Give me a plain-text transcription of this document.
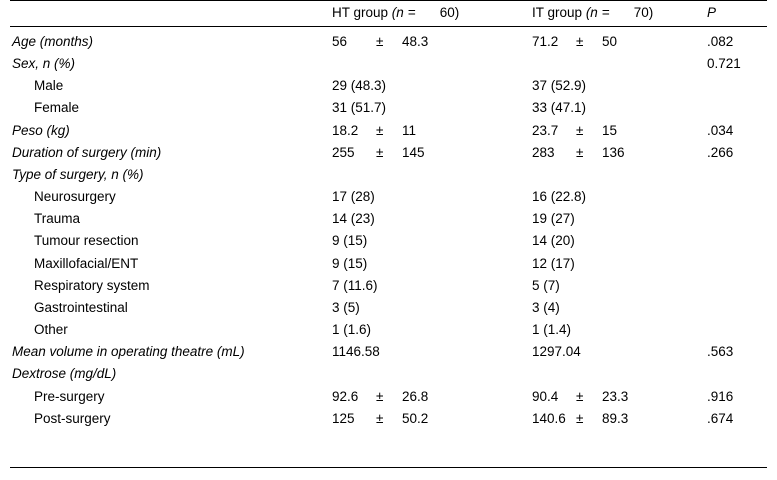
	HT group (n = 60)	IT group (n = 70)	P
Age (months)	56 ± 48.3	71.2 ± 50	.082
Sex, n (%)			0.721
Male	29 (48.3)	37 (52.9)	
Female	31 (51.7)	33 (47.1)	
Peso (kg)	18.2 ± 11	23.7 ± 15	.034
Duration of surgery (min)	255 ± 145	283 ± 136	.266
Type of surgery, n (%)			
Neurosurgery	17 (28)	16 (22.8)	
Trauma	14 (23)	19 (27)	
Tumour resection	9 (15)	14 (20)	
Maxillofacial/ENT	9 (15)	12 (17)	
Respiratory system	7 (11.6)	5 (7)	
Gastrointestinal	3 (5)	3 (4)	
Other	1 (1.6)	1 (1.4)	
Mean volume in operating theatre (mL)	1146.58	1297.04	.563
Dextrose (mg/dL)			
Pre-surgery	92.6 ± 26.8	90.4 ± 23.3	.916
Post-surgery	125 ± 50.2	140.6 ± 89.3	.674
